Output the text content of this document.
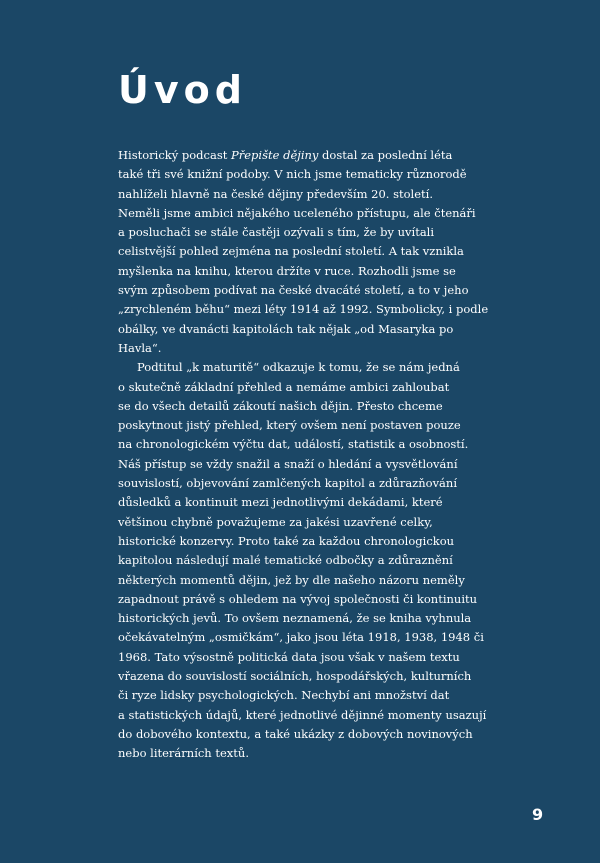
Úvod
Historický podcast Přepište dějiny dostal za poslední léta
také tři své knižní podoby. V nich jsme tematicky různorodě
nahlíželi hlavně na české dějiny především 20. století.
Neměli jsme ambici nějakého uceleného přístupu, ale čtenáři
a posluchači se stále častěji ozývali s tím, že by uvítali
celistvější pohled zejména na poslední století. A tak vznikla
myšlenka na knihu, kterou držíte v ruce. Rozhodli jsme se
svým způsobem podívat na české dvacáté století, a to v jeho
„zrychleném běhu“ mezi léty 1914 až 1992. Symbolicky, i podle
obálky, ve dvanácti kapitolách tak nějak „od Masaryka po
Havla“.
Podtitul „k maturitě“ odkazuje k tomu, že se nám jedná
o skutečně základní přehled a nemáme ambici zahloubat
se do všech detailů zákoutí našich dějin. Přesto chceme
poskytnout jistý přehled, který ovšem není postaven pouze
na chronologickém výčtu dat, událostí, statistik a osobností.
Náš přístup se vždy snažil a snaží o hledání a vysvětlování
souvislostí, objevování zamlčených kapitol a zdůrazňování
důsledků a kontinuit mezi jednotlivými dekádami, které
většinou chybně považujeme za jakési uzavřené celky,
historické konzervy. Proto také za každou chronologickou
kapitolou následují malé tematické odbočky a zdůraznění
některých momentů dějin, jež by dle našeho názoru neměly
zapadnout právě s ohledem na vývoj společnosti či kontinuitu
historických jevů. To ovšem neznamená, že se kniha vyhnula
očekávatelným „osmičkám“, jako jsou léta 1918, 1938, 1948 či
1968. Tato výsostně politická data jsou však v našem textu
vřazena do souvislostí sociálních, hospodářských, kulturních
či ryze lidsky psychologických. Nechybí ani množství dat
a statistických údajů, které jednotlivé dějinné momenty usazují
do dobového kontextu, a také ukázky z dobových novinových
nebo literárních textů.
9
